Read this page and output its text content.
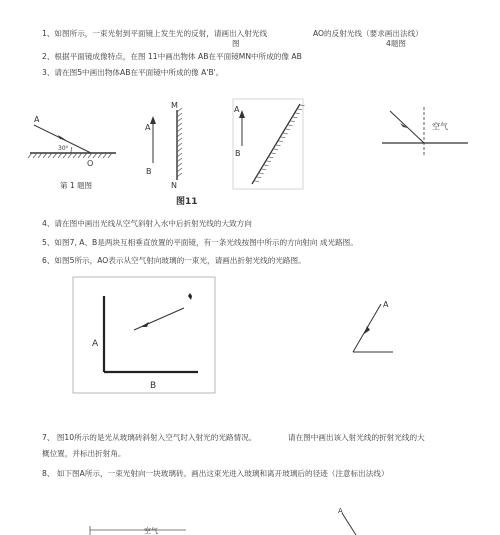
1、如图所示，一束光射到平面镜上发生光的反射，请画出入射光线	AO的反射光线（要求画出法线）
图	4题图
2、根据平面镜成像特点，在图 11中画出物体 AB在平面镜MN中所成的像 AB
3、请在图5中画出物体AB在平面镜中所成的像 A'B'。
A
O
30⁰
第 1 题图
A
B
M
N
图11
A
B
空气
4、请在图中画出光线从空气斜射入水中后折射光线的大致方向
5、如图7, A、B是两块互相垂直放置的平面镜，有一条光线按图中所示的方向射向 成光路图。
6、如图5所示，AO表示从空气射向玻璃的一束光，请画出折射光线的光路图。
A
B
A
7、 图10所示的是光从玻璃砖斜射入空气时入射光的光路情况。	请在图中画出该入射光线的折射光线的大
概位置，并标出折射角。
8、 如下图A所示，一束光射向一块玻璃砖。画出这束光进入玻璃和离开玻璃后的径迹（注意标出法线）
空气
A
